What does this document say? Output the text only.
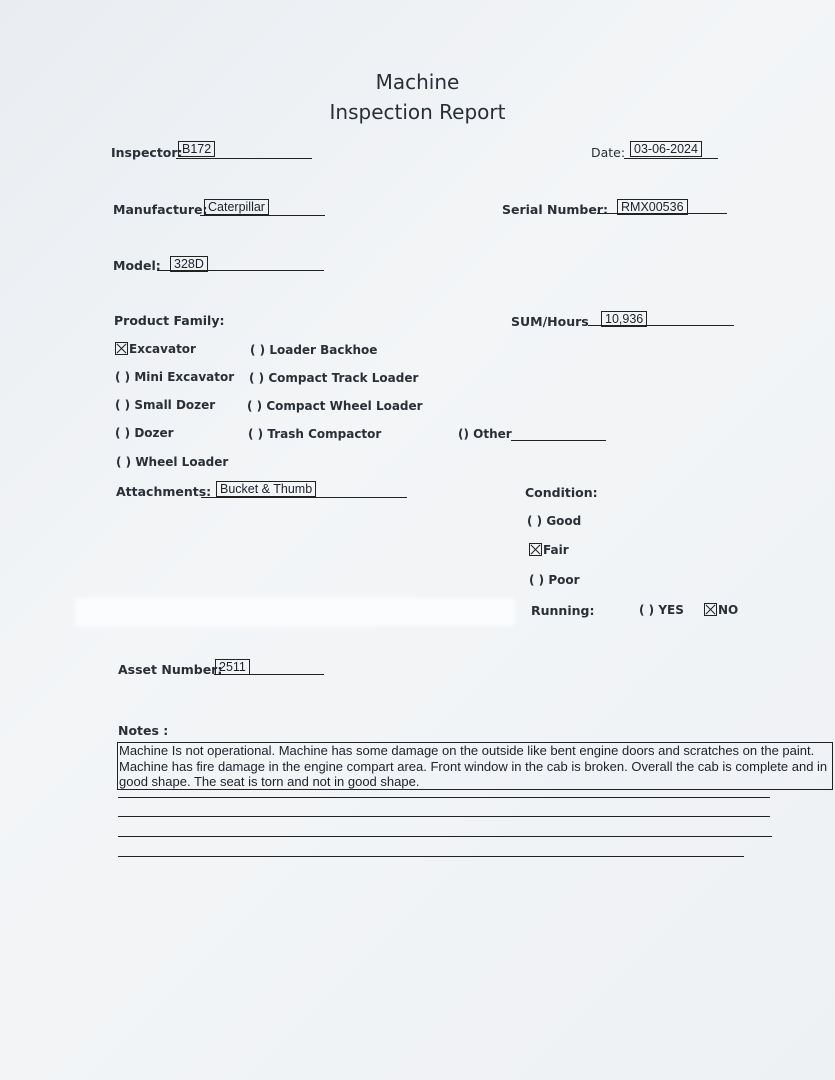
Machine
Inspection Report
Inspector: B172	Date: 03-06-2024
Manufacture: Caterpillar	Serial Number:	RMX00536
Model:	328D
Product Family:	SUM/Hours	10,936
Excavator	( ) Loader Backhoe
( ) Mini Excavator ( ) Compact Track Loader
( ) Small Dozer	( ) Compact Wheel Loader
( ) Dozer	( ) Trash Compactor	() Other
( ) Wheel Loader
Attachments: Bucket & Thumb	Condition:
( ) Good
Fair
( ) Poor
Running:	( ) YES	NO
Asset Number:
2511
Notes :
Machine Is not operational. Machine has some damage on the outside like bent engine doors and scratches on the paint. Machine has fire damage in the engine compart area. Front window in the cab is broken. Overall the cab is complete and in good shape. The seat is torn and not in good shape.
